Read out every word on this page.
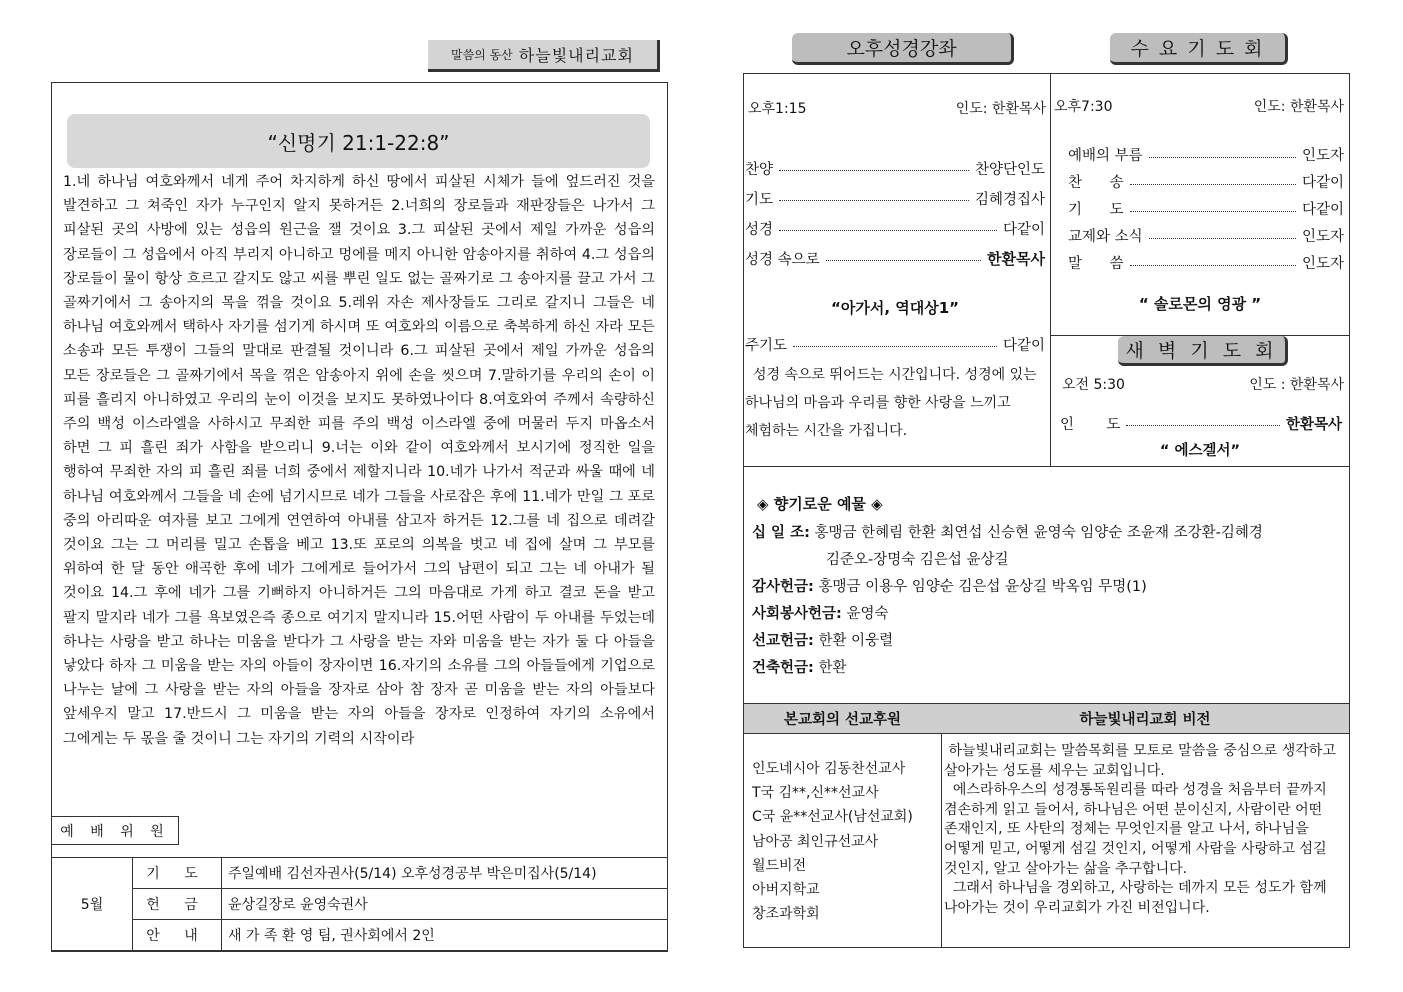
말씀의 동산 하늘빛내리교회
“신명기 21:1-22:8”
1.네 하나님 여호와께서 네게 주어 차지하게 하신 땅에서 피살된 시체가 들에 엎드러진 것을 발견하고 그 쳐죽인 자가 누구인지 알지 못하거든 2.너희의 장로들과 재판장들은 나가서 그 피살된 곳의 사방에 있는 성읍의 원근을 잴 것이요 3.그 피살된 곳에서 제일 가까운 성읍의 장로들이 그 성읍에서 아직 부리지 아니하고 멍에를 메지 아니한 암송아지를 취하여 4.그 성읍의 장로들이 물이 항상 흐르고 갈지도 않고 씨를 뿌린 일도 없는 골짜기로 그 송아지를 끌고 가서 그 골짜기에서 그 송아지의 목을 꺾을 것이요 5.레위 자손 제사장들도 그리로 갈지니 그들은 네 하나님 여호와께서 택하사 자기를 섬기게 하시며 또 여호와의 이름으로 축복하게 하신 자라 모든 소송과 모든 투쟁이 그들의 말대로 판결될 것이니라 6.그 피살된 곳에서 제일 가까운 성읍의 모든 장로들은 그 골짜기에서 목을 꺾은 암송아지 위에 손을 씻으며 7.말하기를 우리의 손이 이 피를 흘리지 아니하였고 우리의 눈이 이것을 보지도 못하였나이다 8.여호와여 주께서 속량하신 주의 백성 이스라엘을 사하시고 무죄한 피를 주의 백성 이스라엘 중에 머물러 두지 마옵소서 하면 그 피 흘린 죄가 사함을 받으리니 9.너는 이와 같이 여호와께서 보시기에 정직한 일을 행하여 무죄한 자의 피 흘린 죄를 너희 중에서 제할지니라 10.네가 나가서 적군과 싸울 때에 네 하나님 여호와께서 그들을 네 손에 넘기시므로 네가 그들을 사로잡은 후에 11.네가 만일 그 포로 중의 아리따운 여자를 보고 그에게 연연하여 아내를 삼고자 하거든 12.그를 네 집으로 데려갈 것이요 그는 그 머리를 밀고 손톱을 베고 13.또 포로의 의복을 벗고 네 집에 살며 그 부모를 위하여 한 달 동안 애곡한 후에 네가 그에게로 들어가서 그의 남편이 되고 그는 네 아내가 될 것이요 14.그 후에 네가 그를 기뻐하지 아니하거든 그의 마음대로 가게 하고 결코 돈을 받고 팔지 말지라 네가 그를 욕보였은즉 종으로 여기지 말지니라 15.어떤 사람이 두 아내를 두었는데 하나는 사랑을 받고 하나는 미움을 받다가 그 사랑을 받는 자와 미움을 받는 자가 둘 다 아들을 낳았다 하자 그 미움을 받는 자의 아들이 장자이면 16.자기의 소유를 그의 아들들에게 기업으로 나누는 날에 그 사랑을 받는 자의 아들을 장자로 삼아 참 장자 곧 미움을 받는 자의 아들보다 앞세우지 말고 17.반드시 그 미움을 받는 자의 아들을 장자로 인정하여 자기의 소유에서 그에게는 두 몫을 줄 것이니 그는 자기의 기력의 시작이라
예 배 위 원
5월	기 도	주일예배 김선자권사(5/14) 오후성경공부 박은미집사(5/14)
	헌 금	윤상길장로 윤영숙권사
	안 내	새 가 족 환 영 팀, 권사회에서 2인
오후성경강좌	수 요 기 도 회
오후1:15	인도: 한환목사
찬양	찬양단인도
기도	김혜경집사
성경	다같이
성경 속으로	한환목사
“아가서, 역대상1”
주기도	다같이
성경 속으로 뛰어드는 시간입니다. 성경에 있는 하나님의 마음과 우리를 향한 사랑을 느끼고 체험하는 시간을 가집니다.
오후7:30	인도: 한환목사
예배의 부름	인도자
찬      송	다같이
기      도	다같이
교제와 소식	인도자
말      씀	인도자
“ 솔로몬의 영광 ”
새 벽 기 도 회
오전 5:30	인도 : 한환목사
인       도	한환목사
“ 에스겔서”
◈ 향기로운 예물 ◈
십 일 조: 홍맹금 한혜림 한환 최연섭 신승현 윤영숙 임양순 조윤재 조강환-김혜경
김준오-장명숙 김은섭 윤상길
감사헌금: 홍맹금 이용우 임양순 김은섭 윤상길 박옥임 무명(1)
사회봉사헌금: 윤영숙
선교헌금: 한환 이웅렬
건축헌금: 한환
본교회의 선교후원	하늘빛내리교회 비전
인도네시아 김동찬선교사
T국 김**,신**선교사
C국 윤**선교사(남선교회)
남아공 최인규선교사
월드비전
아버지학교
창조과학회
하늘빛내리교회는 말씀목회를 모토로 말씀을 중심으로 생각하고 살아가는 성도를 세우는 교회입니다.
에스라하우스의 성경통독원리를 따라 성경을 처음부터 끝까지 겸손하게 읽고 들어서, 하나님은 어떤 분이신지, 사람이란 어떤 존재인지, 또 사탄의 정체는 무엇인지를 알고 나서, 하나님을 어떻게 믿고, 어떻게 섬길 것인지, 어떻게 사람을 사랑하고 섬길 것인지, 알고 살아가는 삶을 추구합니다.
그래서 하나님을 경외하고, 사랑하는 데까지 모든 성도가 함께 나아가는 것이 우리교회가 가진 비전입니다.
